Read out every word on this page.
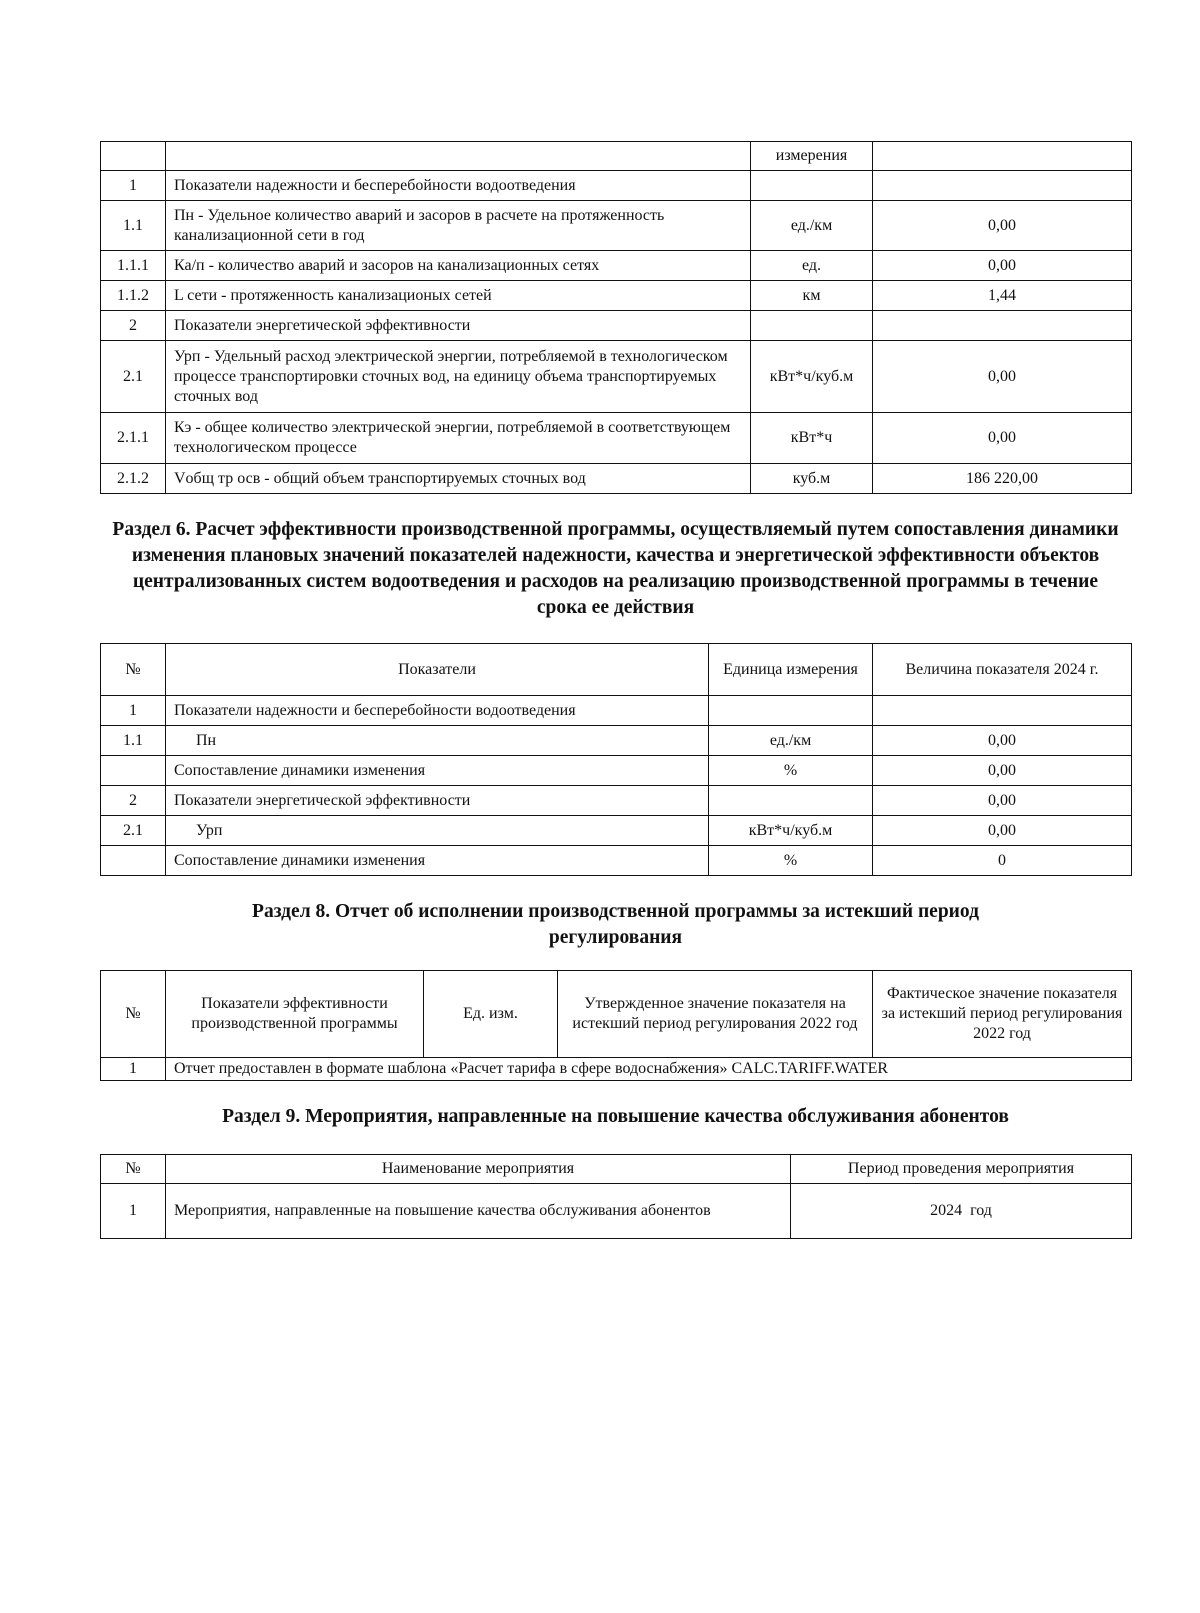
		измерения	
1	Показатели надежности и бесперебойности водоотведения		
1.1	Пн - Удельное количество аварий и засоров в расчете на протяженность канализационной сети в год	ед./км	0,00
1.1.1	Ка/п - количество аварий и засоров на канализационных сетях	ед.	0,00
1.1.2	L сети - протяженность канализационых сетей	км	1,44
2	Показатели энергетической эффективности		
2.1	Урп - Удельный расход электрической энергии, потребляемой в технологическом процессе транспортировки сточных вод, на единицу объема транспортируемых сточных вод	кВт*ч/куб.м	0,00
2.1.1	Кэ - общее количество электрической энергии, потребляемой в соответствующем технологическом процессе	кВт*ч	0,00
2.1.2	Vобщ тр осв - общий объем транспортируемых сточных вод	куб.м	186 220,00
Раздел 6. Расчет эффективности производственной программы, осуществляемый путем сопоставления динамики изменения плановых значений показателей надежности, качества и энергетической эффективности объектов централизованных систем водоотведения и расходов на реализацию производственной программы в течение срока ее действия
№	Показатели	Единица измерения	Величина показателя 2024 г.
1	Показатели надежности и бесперебойности водоотведения		
1.1	Пн	ед./км	0,00
	Сопоставление динамики изменения	%	0,00
2	Показатели энергетической эффективности		0,00
2.1	Урп	кВт*ч/куб.м	0,00
	Сопоставление динамики изменения	%	0
Раздел 8. Отчет об исполнении производственной программы за истекший период регулирования
№	Показатели эффективности производственной программы	Ед. изм.	Утвержденное значение показателя на истекший период регулирования 2022 год	Фактическое значение показателя за истекший период регулирования 2022 год
1	Отчет предоставлен в формате шаблона «Расчет тарифа в сфере водоснабжения» CALC.TARIFF.WATER			
Раздел 9. Мероприятия, направленные на повышение качества обслуживания абонентов
№	Наименование мероприятия	Период проведения мероприятия
1	Мероприятия, направленные на повышение качества обслуживания абонентов	2024  год
